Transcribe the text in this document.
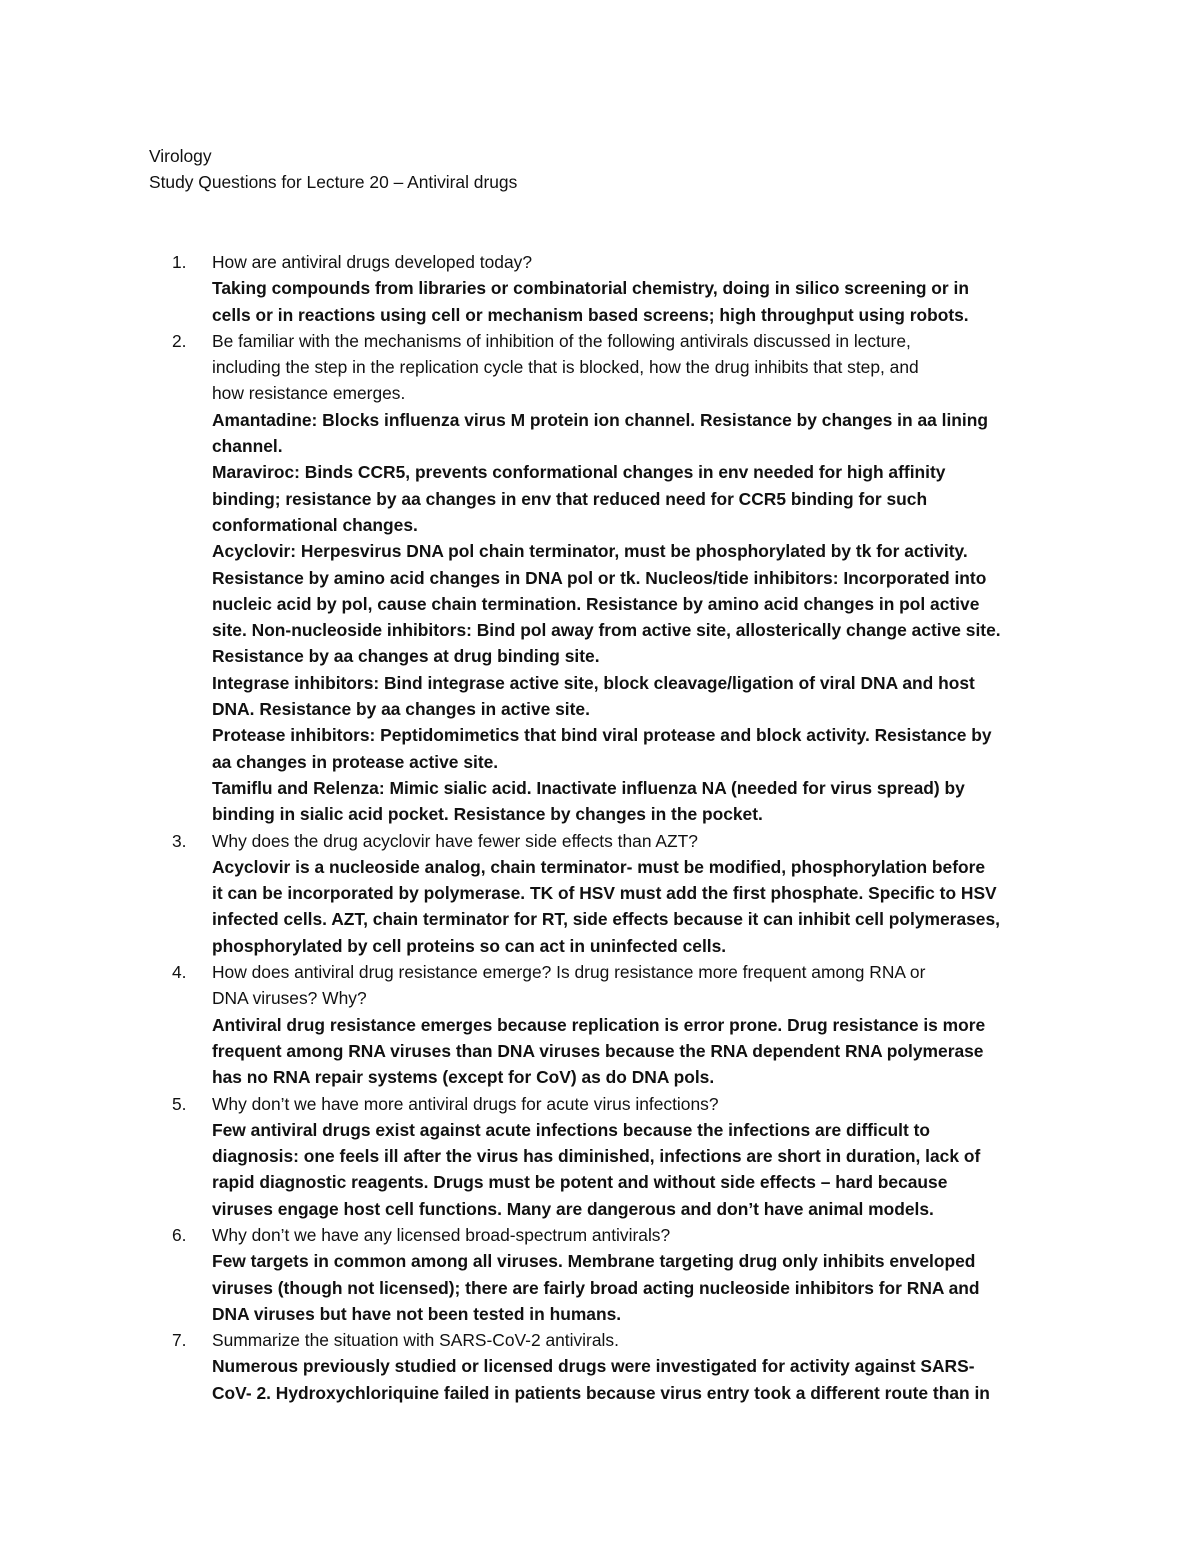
Virology
Study Questions for Lecture 20 – Antiviral drugs
1.	How are antiviral drugs developed today?
Taking compounds from libraries or combinatorial chemistry, doing in silico screening or in
cells or in reactions using cell or mechanism based screens; high throughput using robots.
2.	Be familiar with the mechanisms of inhibition of the following antivirals discussed in lecture,
including the step in the replication cycle that is blocked, how the drug inhibits that step, and
how resistance emerges.
Amantadine: Blocks influenza virus M protein ion channel. Resistance by changes in aa lining
channel.
Maraviroc: Binds CCR5, prevents conformational changes in env needed for high affinity
binding; resistance by aa changes in env that reduced need for CCR5 binding for such
conformational changes.
Acyclovir: Herpesvirus DNA pol chain terminator, must be phosphorylated by tk for activity.
Resistance by amino acid changes in DNA pol or tk. Nucleos/tide inhibitors: Incorporated into
nucleic acid by pol, cause chain termination. Resistance by amino acid changes in pol active
site. Non-nucleoside inhibitors: Bind pol away from active site, allosterically change active site.
Resistance by aa changes at drug binding site.
Integrase inhibitors: Bind integrase active site, block cleavage/ligation of viral DNA and host
DNA. Resistance by aa changes in active site.
Protease inhibitors: Peptidomimetics that bind viral protease and block activity. Resistance by
aa changes in protease active site.
Tamiflu and Relenza: Mimic sialic acid. Inactivate influenza NA (needed for virus spread) by
binding in sialic acid pocket. Resistance by changes in the pocket.
3.	Why does the drug acyclovir have fewer side effects than AZT?
Acyclovir is a nucleoside analog, chain terminator- must be modified, phosphorylation before
it can be incorporated by polymerase. TK of HSV must add the first phosphate. Specific to HSV
infected cells. AZT, chain terminator for RT, side effects because it can inhibit cell polymerases,
phosphorylated by cell proteins so can act in uninfected cells.
4.	How does antiviral drug resistance emerge? Is drug resistance more frequent among RNA or
DNA viruses? Why?
Antiviral drug resistance emerges because replication is error prone. Drug resistance is more
frequent among RNA viruses than DNA viruses because the RNA dependent RNA polymerase
has no RNA repair systems (except for CoV) as do DNA pols.
5.	Why don’t we have more antiviral drugs for acute virus infections?
Few antiviral drugs exist against acute infections because the infections are difficult to
diagnosis: one feels ill after the virus has diminished, infections are short in duration, lack of
rapid diagnostic reagents. Drugs must be potent and without side effects – hard because
viruses engage host cell functions. Many are dangerous and don’t have animal models.
6.	Why don’t we have any licensed broad-spectrum antivirals?
Few targets in common among all viruses. Membrane targeting drug only inhibits enveloped
viruses (though not licensed); there are fairly broad acting nucleoside inhibitors for RNA and
DNA viruses but have not been tested in humans.
7.	Summarize the situation with SARS-CoV-2 antivirals.
Numerous previously studied or licensed drugs were investigated for activity against SARS-
CoV- 2. Hydroxychloriquine failed in patients because virus entry took a different route than in
